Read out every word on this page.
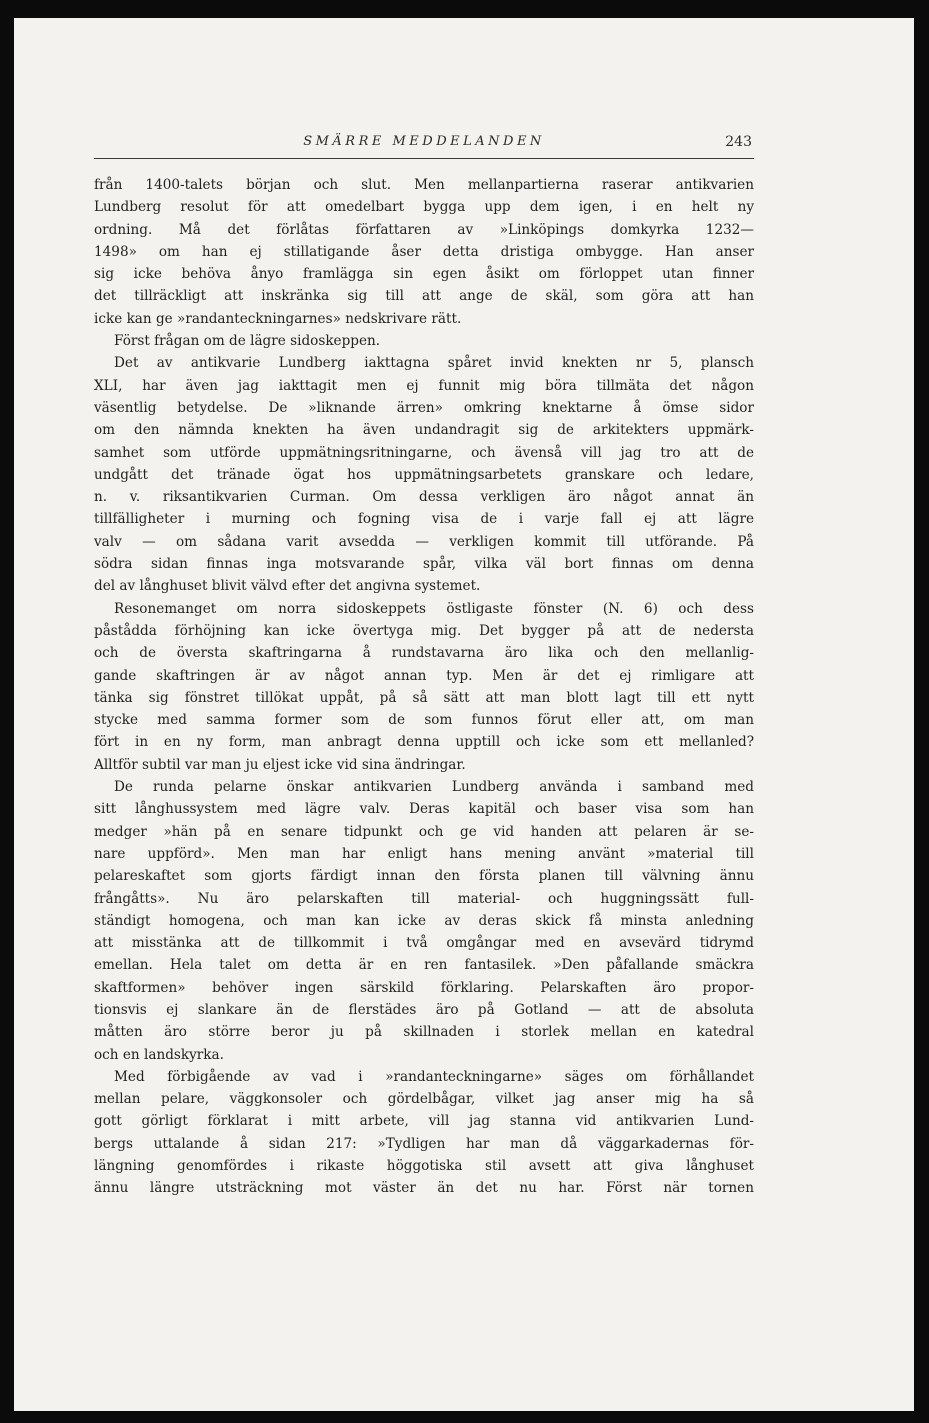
SMÄRRE MEDDELANDEN	243
från 1400-talets början och slut. Men mellanpartierna raserar antikvarien
Lundberg resolut för att omedelbart bygga upp dem igen, i en helt ny
ordning. Må det förlåtas författaren av »Linköpings domkyrka 1232—
1498» om han ej stillatigande åser detta dristiga ombygge. Han anser
sig icke behöva ånyo framlägga sin egen åsikt om förloppet utan finner
det tillräckligt att inskränka sig till att ange de skäl, som göra att han
icke kan ge »randanteckningarnes» nedskrivare rätt.
Först frågan om de lägre sidoskeppen.
Det av antikvarie Lundberg iakttagna spåret invid knekten nr 5, plansch
XLI, har även jag iakttagit men ej funnit mig böra tillmäta det någon
väsentlig betydelse. De »liknande ärren» omkring knektarne å ömse sidor
om den nämnda knekten ha även undandragit sig de arkitekters uppmärk-
samhet som utförde uppmätningsritningarne, och ävenså vill jag tro att de
undgått det tränade ögat hos uppmätningsarbetets granskare och ledare,
n. v. riksantikvarien Curman. Om dessa verkligen äro något annat än
tillfälligheter i murning och fogning visa de i varje fall ej att lägre
valv — om sådana varit avsedda — verkligen kommit till utförande. På
södra sidan finnas inga motsvarande spår, vilka väl bort finnas om denna
del av långhuset blivit välvd efter det angivna systemet.
Resonemanget om norra sidoskeppets östligaste fönster (N. 6) och dess
påstådda förhöjning kan icke övertyga mig. Det bygger på att de nedersta
och de översta skaftringarna å rundstavarna äro lika och den mellanlig-
gande skaftringen är av något annan typ. Men är det ej rimligare att
tänka sig fönstret tillökat uppåt, på så sätt att man blott lagt till ett nytt
stycke med samma former som de som funnos förut eller att, om man
fört in en ny form, man anbragt denna upptill och icke som ett mellanled?
Alltför subtil var man ju eljest icke vid sina ändringar.
De runda pelarne önskar antikvarien Lundberg använda i samband med
sitt långhussystem med lägre valv. Deras kapitäl och baser visa som han
medger »hän på en senare tidpunkt och ge vid handen att pelaren är se-
nare uppförd». Men man har enligt hans mening använt »material till
pelareskaftet som gjorts färdigt innan den första planen till välvning ännu
frångåtts». Nu äro pelarskaften till material- och huggningssätt full-
ständigt homogena, och man kan icke av deras skick få minsta anledning
att misstänka att de tillkommit i två omgångar med en avsevärd tidrymd
emellan. Hela talet om detta är en ren fantasilek. »Den påfallande smäckra
skaftformen» behöver ingen särskild förklaring. Pelarskaften äro propor-
tionsvis ej slankare än de flerstädes äro på Gotland — att de absoluta
måtten äro större beror ju på skillnaden i storlek mellan en katedral
och en landskyrka.
Med förbigående av vad i »randanteckningarne» säges om förhållandet
mellan pelare, väggkonsoler och gördelbågar, vilket jag anser mig ha så
gott görligt förklarat i mitt arbete, vill jag stanna vid antikvarien Lund-
bergs uttalande å sidan 217: »Tydligen har man då väggarkadernas för-
längning genomfördes i rikaste höggotiska stil avsett att giva långhuset
ännu längre utsträckning mot väster än det nu har. Först när tornen
